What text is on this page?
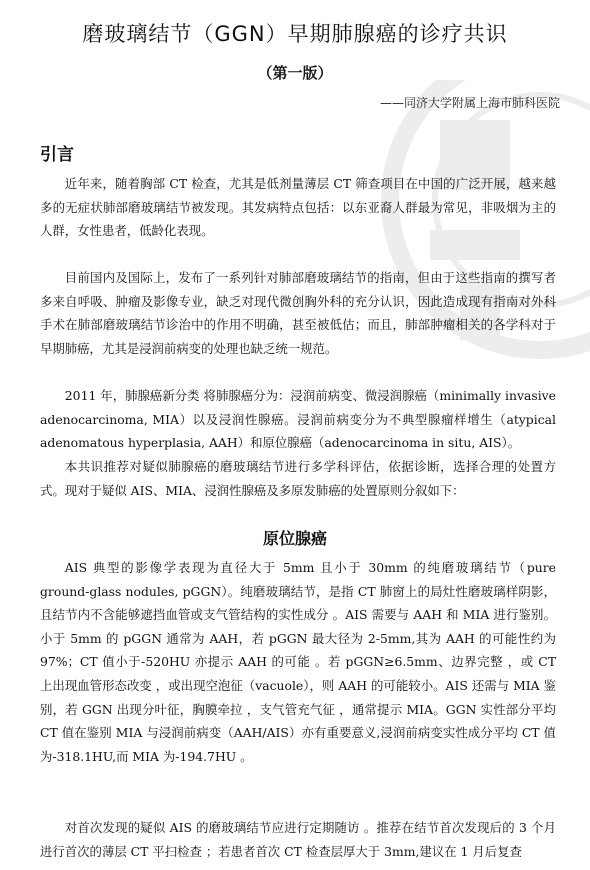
磨玻璃结节（GGN）早期肺腺癌的诊疗共识
（第一版）
——同济大学附属上海市肺科医院
引言

近年来，随着胸部 CT 检查，尤其是低剂量薄层 CT 筛查项目在中国的广泛开展，越来越多的无症状肺部磨玻璃结节被发现。其发病特点包括：以东亚裔人群最为常见，非吸烟为主的人群，女性患者，低龄化表现。

目前国内及国际上，发布了一系列针对肺部磨玻璃结节的指南，但由于这些指南的撰写者多来自呼吸、肿瘤及影像专业，缺乏对现代微创胸外科的充分认识，因此造成现有指南对外科手术在肺部磨玻璃结节诊治中的作用不明确，甚至被低估；而且，肺部肿瘤相关的各学科对于早期肺癌，尤其是浸润前病变的处理也缺乏统一规范。

2011 年，肺腺癌新分类 将肺腺癌分为：浸润前病变、微浸润腺癌（minimally invasive adenocarcinoma, MIA）以及浸润性腺癌。浸润前病变分为不典型腺瘤样增生（atypical adenomatous hyperplasia, AAH）和原位腺癌（adenocarcinoma in situ, AIS）。

本共识推荐对疑似肺腺癌的磨玻璃结节进行多学科评估，依据诊断，选择合理的处置方式。现对于疑似 AIS、MIA、浸润性腺癌及多原发肺癌的处置原则分叙如下：

原位腺癌

AIS 典型的影像学表现为直径大于 5mm 且小于 30mm 的纯磨玻璃结节（pure ground-glass nodules, pGGN）。纯磨玻璃结节，是指 CT 肺窗上的局灶性磨玻璃样阴影，且结节内不含能够遮挡血管或支气管结构的实性成分 。AIS 需要与 AAH 和 MIA 进行鉴别。小于 5mm 的 pGGN 通常为 AAH，若 pGGN 最大径为 2-5mm,其为 AAH 的可能性约为 97%；CT 值小于-520HU 亦提示 AAH 的可能 。若 pGGN≥6.5mm、边界完整 ，或 CT 上出现血管形态改变 ，或出现空泡征（vacuole），则 AAH 的可能较小。AIS 还需与 MIA 鉴别，若 GGN 出现分叶征，胸膜牵拉 ，支气管充气征 ，通常提示 MIA。GGN 实性部分平均 CT 值在鉴别 MIA 与浸润前病变（AAH/AIS）亦有重要意义,浸润前病变实性成分平均 CT 值为-318.1HU,而 MIA 为-194.7HU 。

对首次发现的疑似 AIS 的磨玻璃结节应进行定期随访 。推荐在结节首次发现后的 3 个月进行首次的薄层 CT 平扫检查 ；若患者首次 CT 检查层厚大于 3mm,建议在 1 月后复查
